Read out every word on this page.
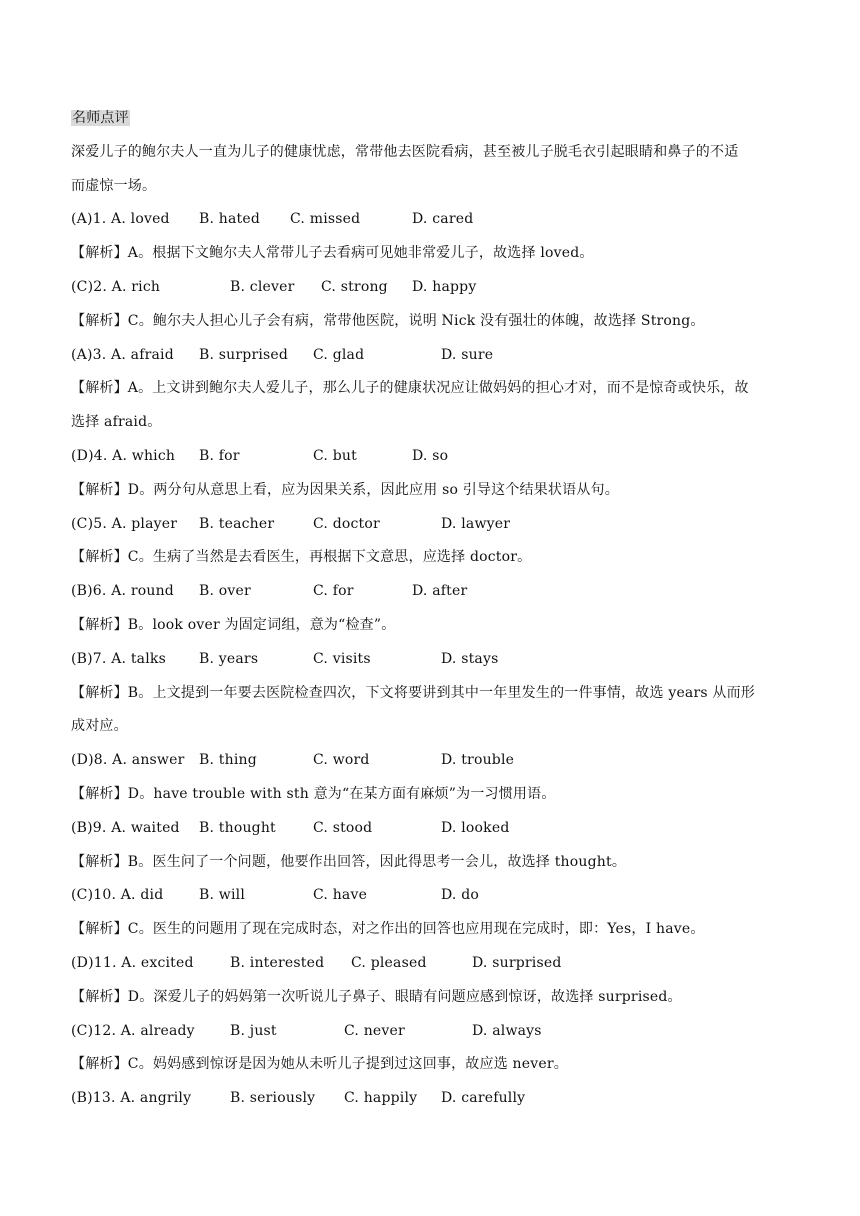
名师点评
深爱儿子的鲍尔夫人一直为儿子的健康忧虑，常带他去医院看病，甚至被儿子脱毛衣引起眼睛和鼻子的不适
而虚惊一场。
(A)1. A. loved B. hated C. missed	D. cared
【解析】A。根据下文鲍尔夫人常带儿子去看病可见她非常爱儿子，故选择 loved。
(C)2. A. rich	B. clever C. strong D. happy
【解析】C。鲍尔夫人担心儿子会有病，常带他医院，说明 Nick 没有强壮的体魄，故选择 Strong。
(A)3. A. afraid B. surprised C. glad	D. sure
【解析】A。上文讲到鲍尔夫人爱儿子，那么儿子的健康状况应让做妈妈的担心才对，而不是惊奇或快乐，故
选择 afraid。
(D)4. A. which B. for	C. but	D. so
【解析】D。两分句从意思上看，应为因果关系，因此应用 so 引导这个结果状语从句。
(C)5. A. player B. teacher	C. doctor	D. lawyer
【解析】C。生病了当然是去看医生，再根据下文意思，应选择 doctor。
(B)6. A. round B. over	C. for	D. after
【解析】B。look over 为固定词组，意为“检查”。
(B)7. A. talks B. years	C. visits	D. stays
【解析】B。上文提到一年要去医院检查四次，下文将要讲到其中一年里发生的一件事情，故选 years 从而形
成对应。
(D)8. A. answer B. thing	C. word	D. trouble
【解析】D。have trouble with sth 意为“在某方面有麻烦”为一习惯用语。
(B)9. A. waited B. thought	C. stood	D. looked
【解析】B。医生问了一个问题，他要作出回答，因此得思考一会儿，故选择 thought。
(C)10. A. did	B. will	C. have	D. do
【解析】C。医生的问题用了现在完成时态，对之作出的回答也应用现在完成时，即：Yes，I have。
(D)11. A. excited	B. interested C. pleased	D. surprised
【解析】D。深爱儿子的妈妈第一次听说儿子鼻子、眼睛有问题应感到惊讶，故选择 surprised。
(C)12. A. already	B. just	C. never	D. always
【解析】C。妈妈感到惊讶是因为她从未听儿子提到过这回事，故应选 never。
(B)13. A. angrily	B. seriously C. happily D. carefully
